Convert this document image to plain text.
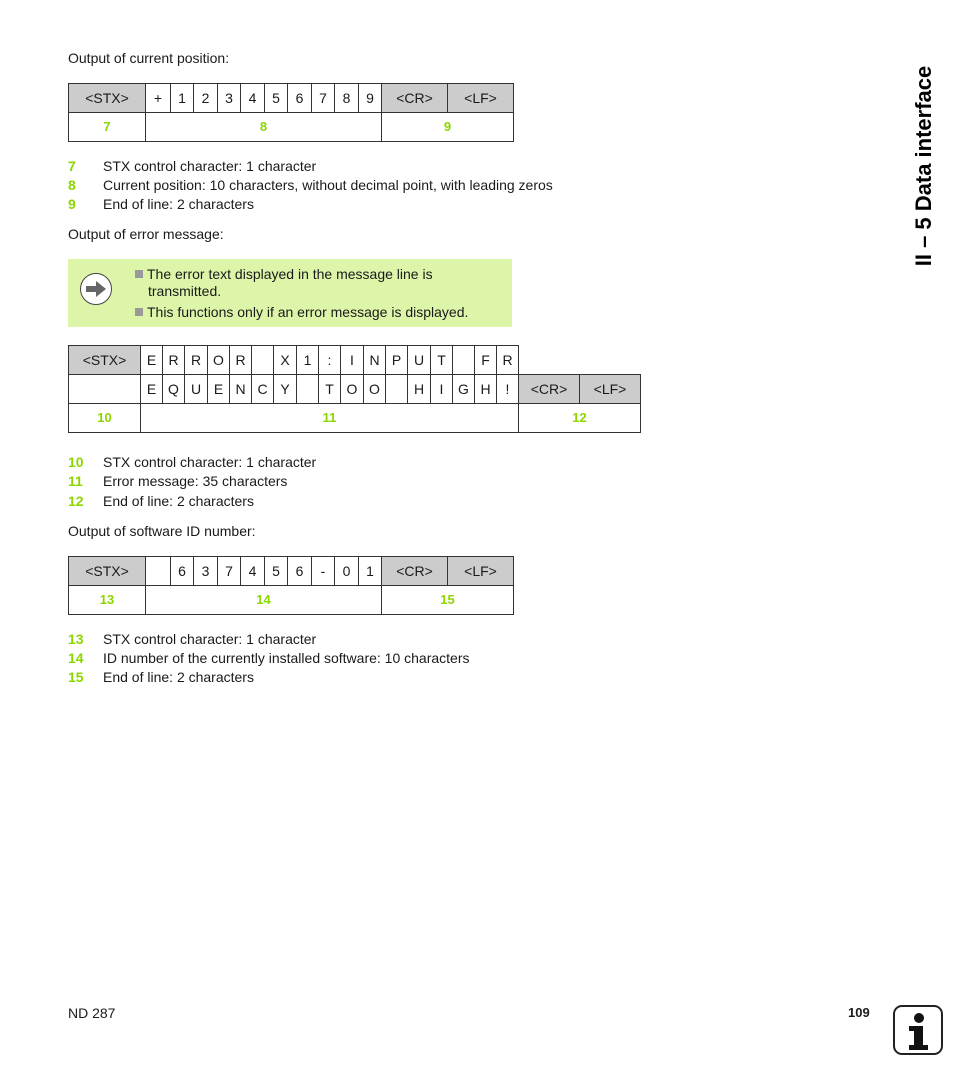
II – 5 Data interface
Output of current position:
<STX>	+	1	2	3	4	5	6	7	8	9	<CR>	<LF>
7	8										9	
7 STX control character: 1 character
8 Current position: 10 characters, without decimal point, with leading zeros
9 End of line: 2 characters
Output of error message:
The error text displayed in the message line is
transmitted.
This functions only if an error message is displayed.
<STX>	E	R	R	O	R		X	1	:	I	N	P	U	T		F	R		
	E	Q	U	E	N	C	Y		T	O	O		H	I	G	H	!	<CR>	<LF>
10	11																	12	
10 STX control character: 1 character
11 Error message: 35 characters
12 End of line: 2 characters
Output of software ID number:
<STX>		6	3	7	4	5	6	-	0	1	<CR>	<LF>
13	14										15	
13 STX control character: 1 character
14 ID number of the currently installed software: 10 characters
15 End of line: 2 characters
ND 287	109
